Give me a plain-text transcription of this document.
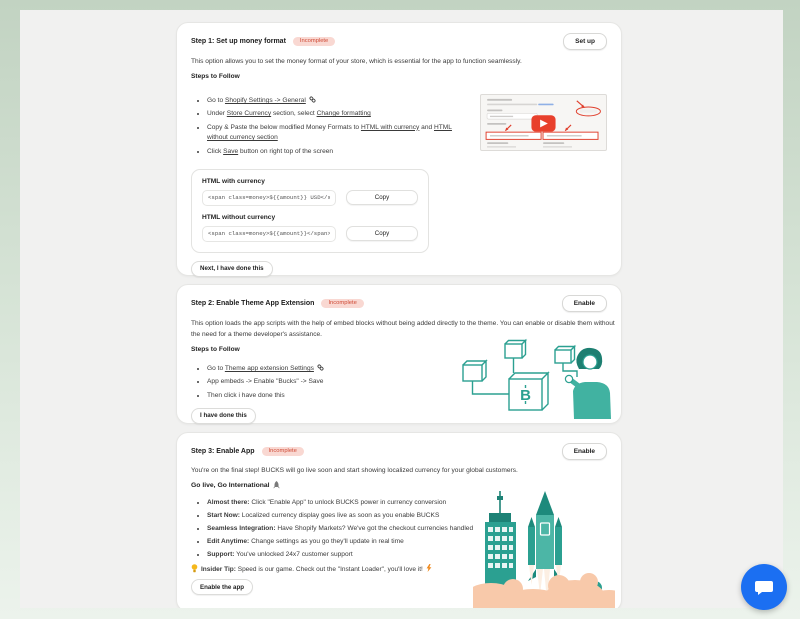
Step 1: Set up money format	Incomplete	Set up
This option allows you to set the money format of your store, which is essential for the app to function seamlessly.
Steps to Follow
• Go to Shopify Settings -> General
• Under Store Currency section, select Change formatting
• Copy & Paste the below modified Money Formats to HTML with currency and HTML without currency section
• Click Save button on right top of the screen
HTML with currency
<span class=money>${{amount}} USD</span>
Copy
HTML without currency
<span class=money>${{amount}}</span>
Copy
Next, I have done this
Step 2: Enable Theme App Extension	Incomplete	Enable
This option loads the app scripts with the help of embed blocks without being added directly to the theme. You can enable or disable them without the need for a theme developer's assistance.
Steps to Follow
• Go to Theme app extension Settings
• App embeds -> Enable "Bucks" -> Save
• Then click i have done this
I have done this
B
Step 3: Enable App	Incomplete	Enable
You're on the final step! BUCKS will go live soon and start showing localized currency for your global customers.
Go live, Go International
• Almost there: Click "Enable App" to unlock BUCKS power in currency conversion
• Start Now: Localized currency display goes live as soon as you enable BUCKS
• Seamless Integration: Have Shopify Markets? We've got the checkout currencies handled
• Edit Anytime: Change settings as you go they'll update in real time
• Support: You've unlocked 24x7 customer support
Insider Tip: Speed is our game. Check out the "Instant Loader", you'll love it!
Enable the app
